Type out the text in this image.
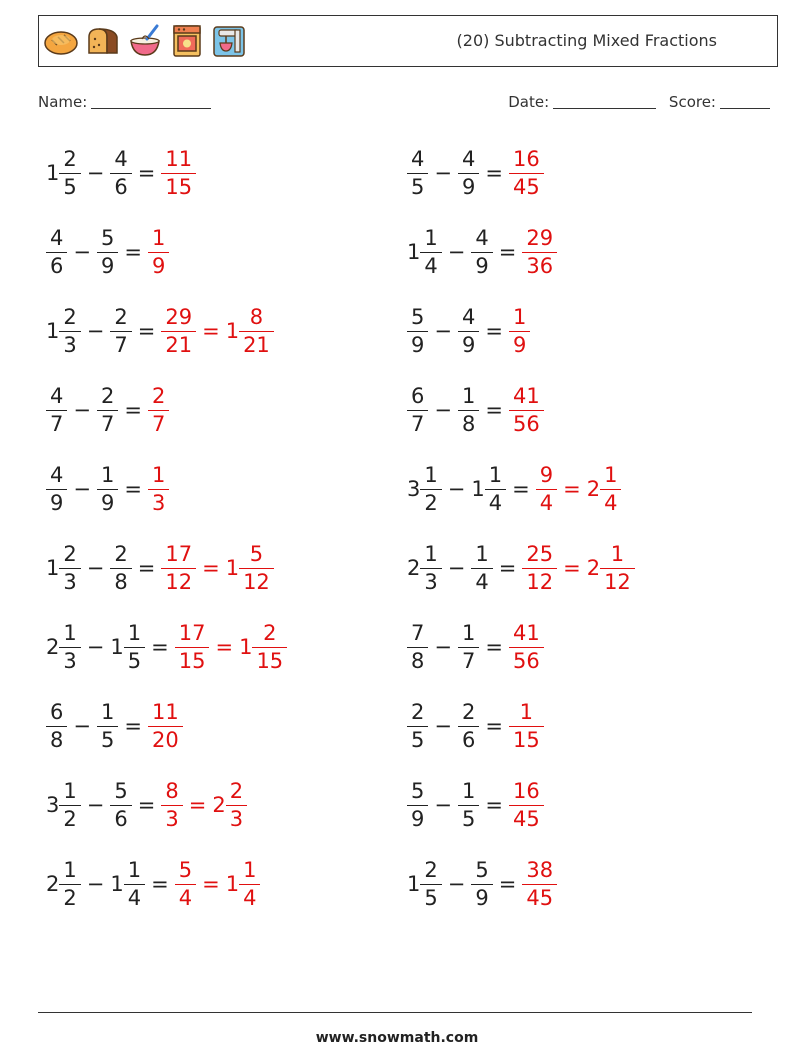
(20) Subtracting Mixed Fractions
Name:	Date:	Score:
$1 \frac{2}{5} - \frac{4}{6} = \frac{11}{15}$	$\frac{4}{5} - \frac{4}{9} = \frac{16}{45}$
$\frac{4}{6} - \frac{5}{9} = \frac{1}{9}$	$1 \frac{1}{4} - \frac{4}{9} = \frac{29}{36}$
$1 \frac{2}{3} - \frac{2}{7} = \frac{29}{21} = 1 \frac{8}{21}$	$\frac{5}{9} - \frac{4}{9} = \frac{1}{9}$
$\frac{4}{7} - \frac{2}{7} = \frac{2}{7}$	$\frac{6}{7} - \frac{1}{8} = \frac{41}{56}$
$\frac{4}{9} - \frac{1}{9} = \frac{1}{3}$	$3 \frac{1}{2} - 1 \frac{1}{4} = \frac{9}{4} = 2 \frac{1}{4}$
$1 \frac{2}{3} - \frac{2}{8} = \frac{17}{12} = 1 \frac{5}{12}$	$2 \frac{1}{3} - \frac{1}{4} = \frac{25}{12} = 2 \frac{1}{12}$
$2 \frac{1}{3} - 1 \frac{1}{5} = \frac{17}{15} = 1 \frac{2}{15}$	$\frac{7}{8} - \frac{1}{7} = \frac{41}{56}$
$\frac{6}{8} - \frac{1}{5} = \frac{11}{20}$	$\frac{2}{5} - \frac{2}{6} = \frac{1}{15}$
$3 \frac{1}{2} - \frac{5}{6} = \frac{8}{3} = 2 \frac{2}{3}$	$\frac{5}{9} - \frac{1}{5} = \frac{16}{45}$
$2 \frac{1}{2} - 1 \frac{1}{4} = \frac{5}{4} = 1 \frac{1}{4}$	$1 \frac{2}{5} - \frac{5}{9} = \frac{38}{45}$
www.snowmath.com
